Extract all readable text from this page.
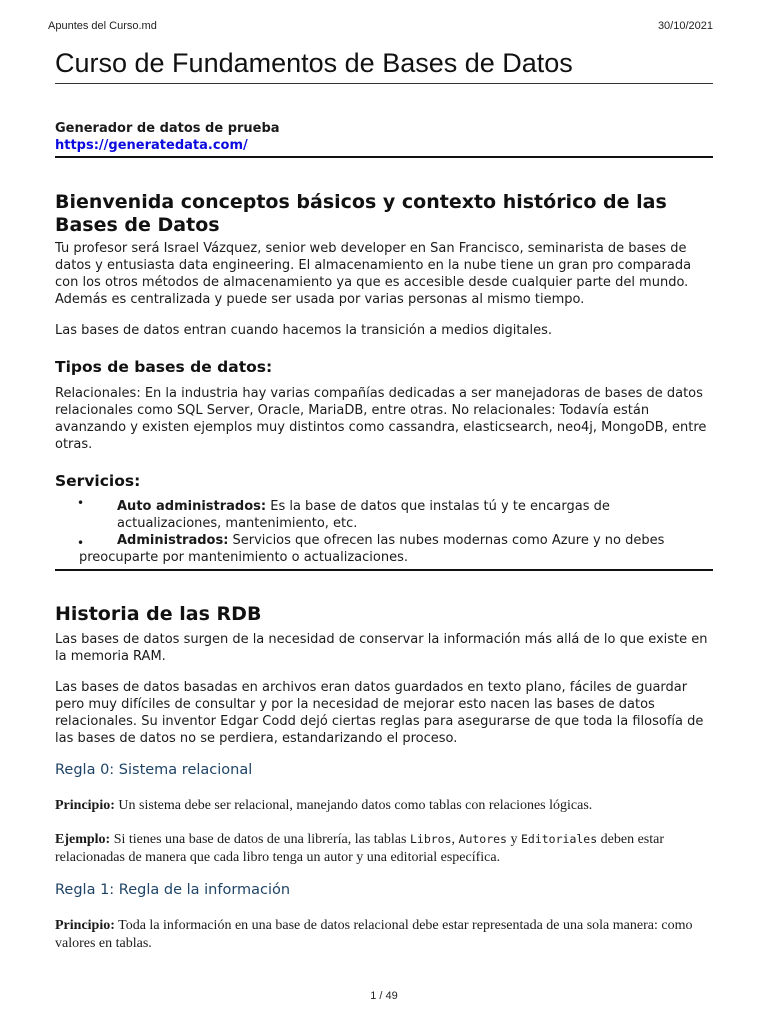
Apuntes del Curso.md	30/10/2021
Curso de Fundamentos de Bases de Datos
Generador de datos de prueba
https://generatedata.com/
Bienvenida conceptos básicos y contexto histórico de las Bases de Datos

Tu profesor será Israel Vázquez, senior web developer en San Francisco, seminarista de bases de datos y entusiasta data engineering. El almacenamiento en la nube tiene un gran pro comparada con los otros métodos de almacenamiento ya que es accesible desde cualquier parte del mundo. Además es centralizada y puede ser usada por varias personas al mismo tiempo.

Las bases de datos entran cuando hacemos la transición a medios digitales.

Tipos de bases de datos:

Relacionales: En la industria hay varias compañías dedicadas a ser manejadoras de bases de datos relacionales como SQL Server, Oracle, MariaDB, entre otras. No relacionales: Todavía están avanzando y existen ejemplos muy distintos como cassandra, elasticsearch, neo4j, MongoDB, entre otras.

Servicios:
•	Auto administrados: Es la base de datos que instalas tú y te encargas de actualizaciones, mantenimiento, etc.
•	Administrados: Servicios que ofrecen las nubes modernas como Azure y no debes preocuparte por mantenimiento o actualizaciones.
Historia de las RDB

Las bases de datos surgen de la necesidad de conservar la información más allá de lo que existe en la memoria RAM.

Las bases de datos basadas en archivos eran datos guardados en texto plano, fáciles de guardar pero muy difíciles de consultar y por la necesidad de mejorar esto nacen las bases de datos relacionales. Su inventor Edgar Codd dejó ciertas reglas para asegurarse de que toda la filosofía de las bases de datos no se perdiera, estandarizando el proceso.

Regla 0: Sistema relacional

Principio: Un sistema debe ser relacional, manejando datos como tablas con relaciones lógicas.

Ejemplo: Si tienes una base de datos de una librería, las tablas Libros, Autores y Editoriales deben estar relacionadas de manera que cada libro tenga un autor y una editorial específica.

Regla 1: Regla de la información

Principio: Toda la información en una base de datos relacional debe estar representada de una sola manera: como valores en tablas.

1 / 49
